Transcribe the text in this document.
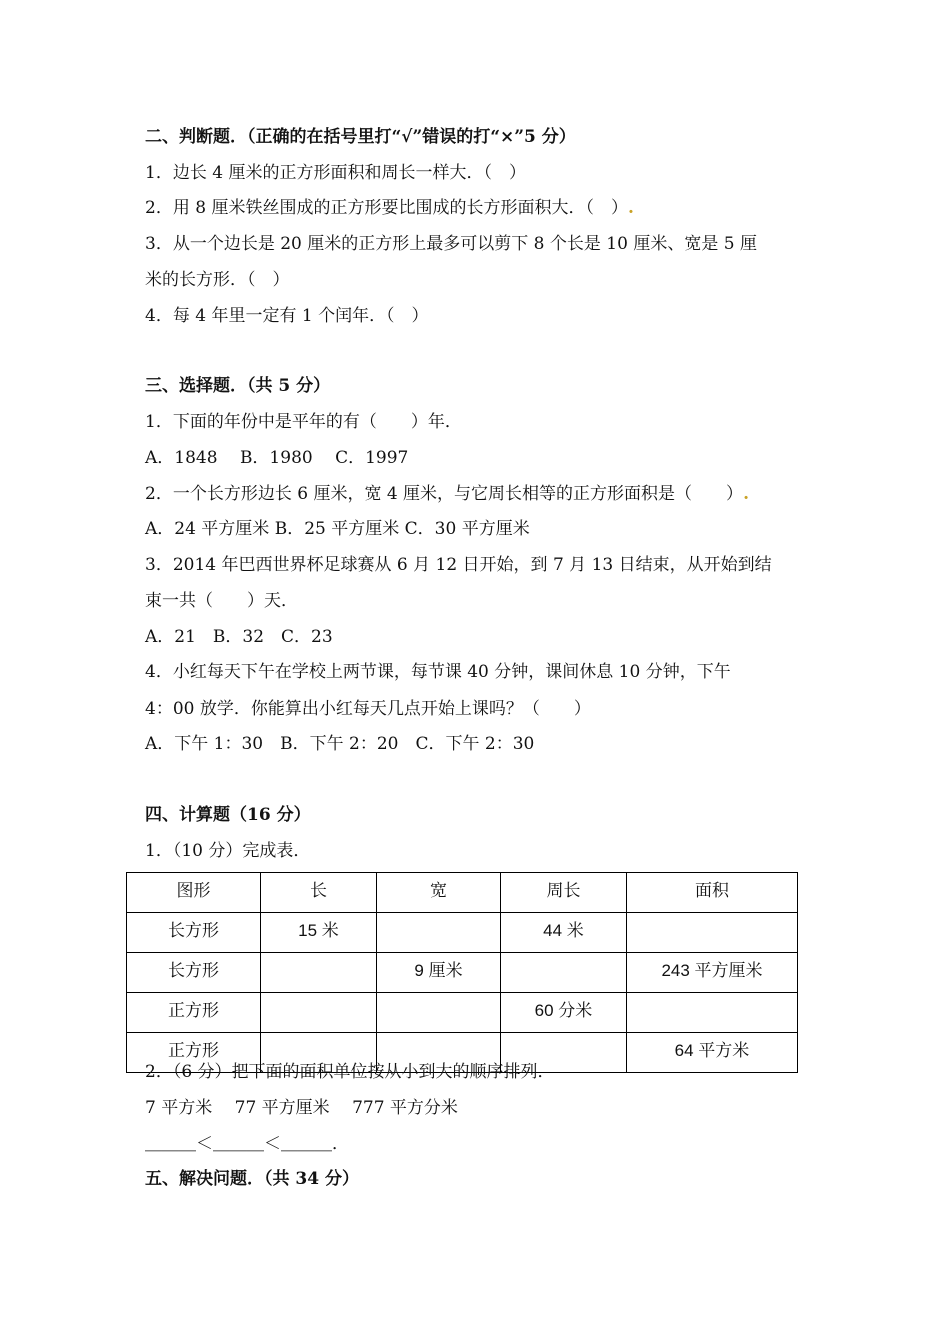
二、判断题．（正确的在括号里打“√”错误的打“×”5 分）
1．边长 4 厘米的正方形面积和周长一样大．（　）
2．用 8 厘米铁丝围成的正方形要比围成的长方形面积大．（　）.
3．从一个边长是 20 厘米的正方形上最多可以剪下 8 个长是 10 厘米、宽是 5 厘
米的长方形．（　）
4．每 4 年里一定有 1 个闰年．（　）
三、选择题．（共 5 分）
1．下面的年份中是平年的有（　　）年．
A．1848　 B．1980　 C．1997
2．一个长方形边长 6 厘米，宽 4 厘米，与它周长相等的正方形面积是（　　）.
A．24 平方厘米 B．25 平方厘米 C．30 平方厘米
3．2014 年巴西世界杯足球赛从 6 月 12 日开始，到 7 月 13 日结束，从开始到结
束一共（　　）天．
A．21　B．32　C．23
4．小红每天下午在学校上两节课，每节课 40 分钟，课间休息 10 分钟，下午
4：00 放学．你能算出小红每天几点开始上课吗？（　　）
A．下午 1：30　B．下午 2：20　C．下午 2：30
四、计算题（16 分）
1．（10 分）完成表．
图形	长	宽	周长	面积
长方形	15 米		44 米	
长方形		9 厘米		243 平方厘米
正方形			60 分米	
正方形				64 平方米
2．（6 分）把下面的面积单位按从小到大的顺序排列．
7 平方米　 77 平方厘米　 777 平方分米
＿＿＿＜＿＿＿＜＿＿＿．
五、解决问题．（共 34 分）
